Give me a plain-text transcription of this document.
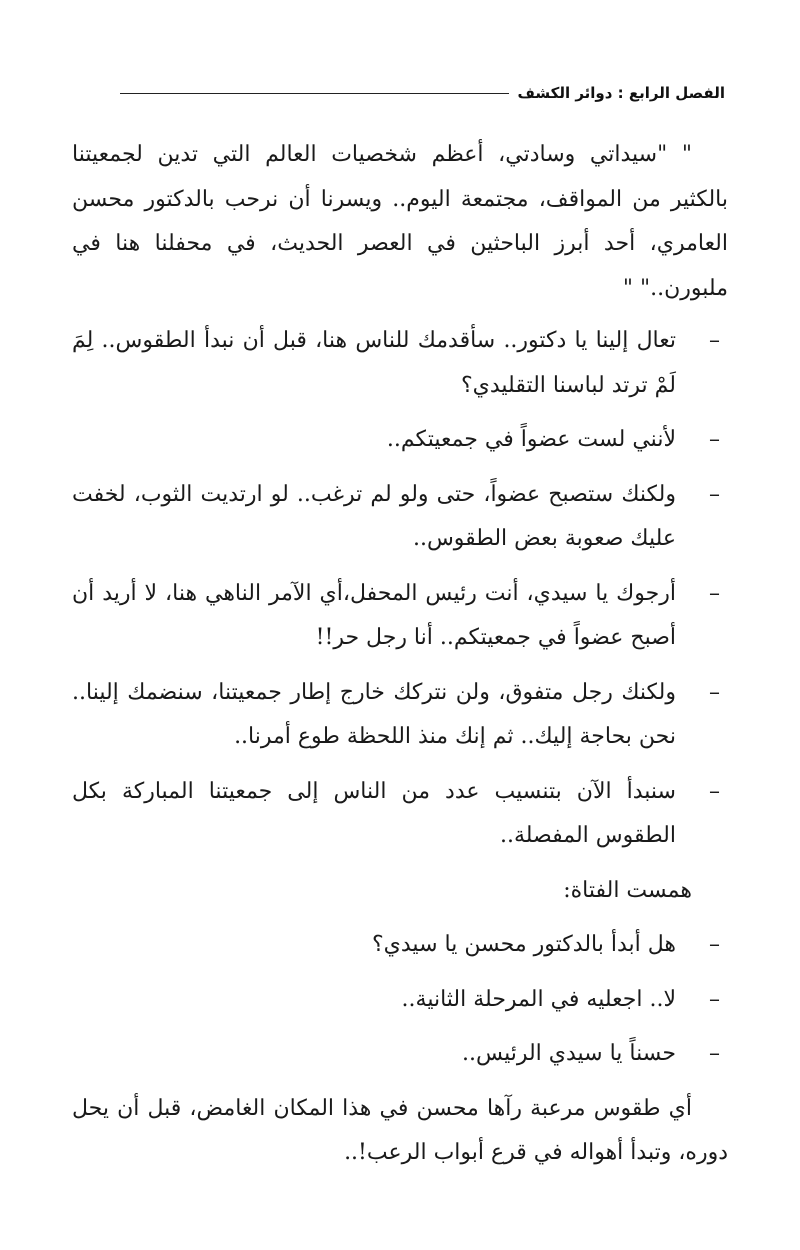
الفصل الرابع : دوائر الكشف

" "سيداتي وسادتي، أعظم شخصيات العالم التي تدين لجمعيتنا بالكثير من المواقف، مجتمعة اليوم.. ويسرنا أن نرحب بالدكتور محسن العامري، أحد أبرز الباحثين في العصر الحديث، في محفلنا هنا في ملبورن.." "

–
تعال إلينا يا دكتور.. سأقدمك للناس هنا، قبل أن نبدأ الطقوس.. لِمَ لَمْ ترتد لباسنا التقليدي؟
–
لأنني لست عضواً في جمعيتكم..
–
ولكنك ستصبح عضواً، حتى ولو لم ترغب.. لو ارتديت الثوب، لخفت عليك صعوبة بعض الطقوس..
–
أرجوك يا سيدي، أنت رئيس المحفل،أي الآمر الناهي هنا، لا أريد أن أصبح عضواً في جمعيتكم.. أنا رجل حر!!
–
ولكنك رجل متفوق، ولن نتركك خارج إطار جمعيتنا، سنضمك إلينا.. نحن بحاجة إليك.. ثم إنك منذ اللحظة طوع أمرنا..
–
سنبدأ الآن بتنسيب عدد من الناس إلى جمعيتنا المباركة بكل الطقوس المفصلة..

همست الفتاة:

–
هل أبدأ بالدكتور محسن يا سيدي؟
–
لا.. اجعليه في المرحلة الثانية..
–
حسناً يا سيدي الرئيس..

أي طقوس مرعبة رآها محسن في هذا المكان الغامض، قبل أن يحل دوره، وتبدأ أهواله في قرع أبواب الرعب!..
